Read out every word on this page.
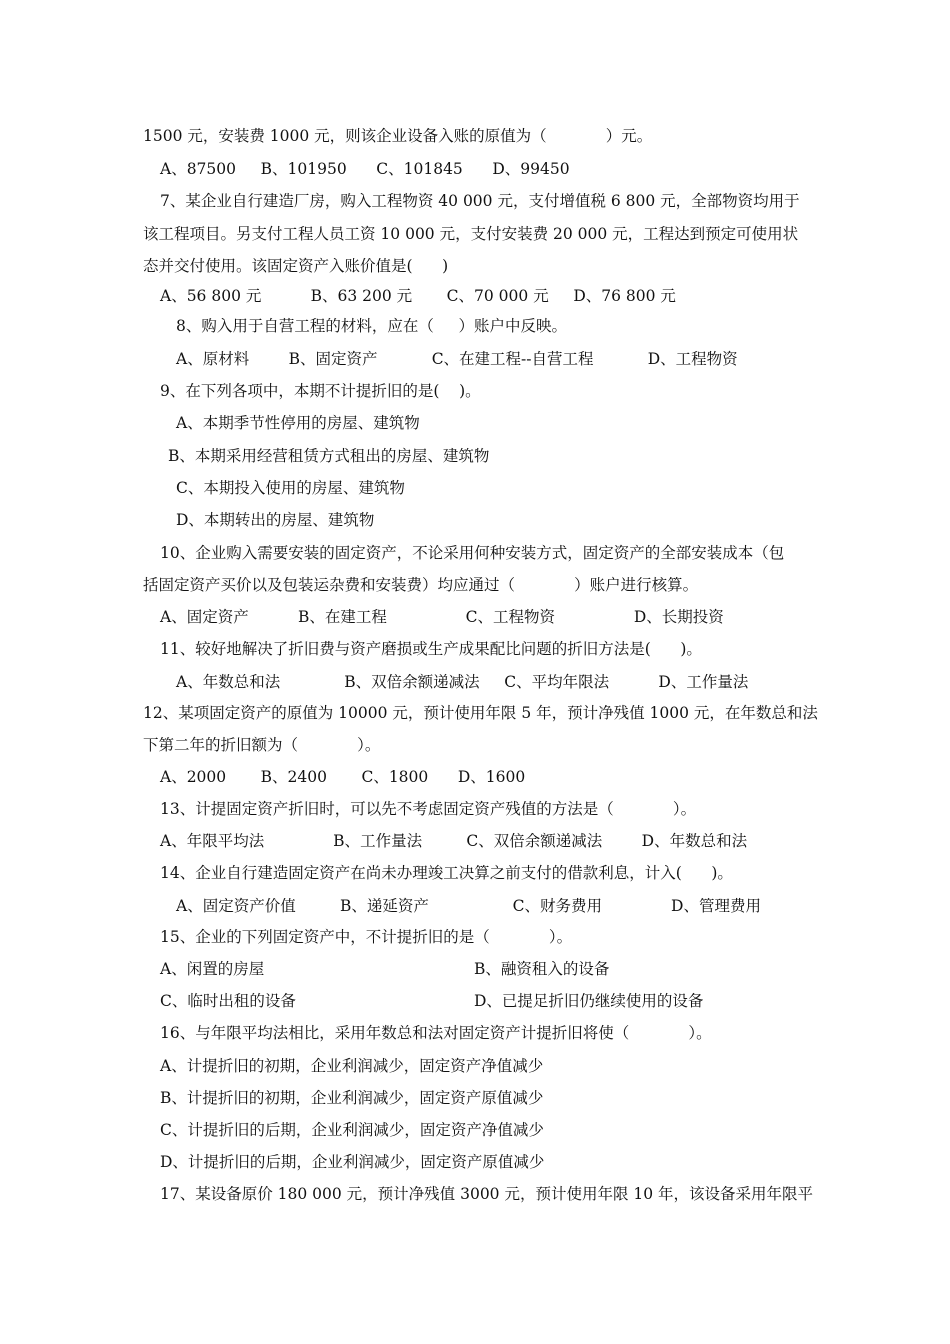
1500 元，安装费 1000 元，则该企业设备入账的原值为（            ）元。
A、87500     B、101950      C、101845      D、99450
7、某企业自行建造厂房，购入工程物资 40 000 元，支付增值税 6 800 元，全部物资均用于
该工程项目。另支付工程人员工资 10 000 元，支付安装费 20 000 元，工程达到预定可使用状
态并交付使用。该固定资产入账价值是(      )
A、56 800 元          B、63 200 元       C、70 000 元     D、76 800 元
8、购入用于自营工程的材料，应在（     ）账户中反映。
A、原材料        B、固定资产           C、在建工程--自营工程           D、工程物资
9、在下列各项中，本期不计提折旧的是(    )。
A、本期季节性停用的房屋、建筑物
B、本期采用经营租赁方式租出的房屋、建筑物
C、本期投入使用的房屋、建筑物
D、本期转出的房屋、建筑物
10、企业购入需要安装的固定资产，不论采用何种安装方式，固定资产的全部安装成本（包
括固定资产买价以及包装运杂费和安装费）均应通过（            ）账户进行核算。
A、固定资产          B、在建工程                C、工程物资                D、长期投资
11、较好地解决了折旧费与资产磨损或生产成果配比问题的折旧方法是(      )。
A、年数总和法             B、双倍余额递减法     C、平均年限法          D、工作量法
12、某项固定资产的原值为 10000 元，预计使用年限 5 年，预计净残值 1000 元，在年数总和法
下第二年的折旧额为（            ）。
A、2000       B、2400       C、1800      D、1600
13、计提固定资产折旧时，可以先不考虑固定资产残值的方法是（            ）。
A、年限平均法              B、工作量法         C、双倍余额递减法        D、年数总和法
14、企业自行建造固定资产在尚未办理竣工决算之前支付的借款利息，计入(      )。
A、固定资产价值         B、递延资产                 C、财务费用              D、管理费用
15、企业的下列固定资产中，不计提折旧的是（            ）。
A、闲置的房屋	B、融资租入的设备
C、临时出租的设备	D、已提足折旧仍继续使用的设备
16、与年限平均法相比，采用年数总和法对固定资产计提折旧将使（            ）。
A、计提折旧的初期，企业利润减少，固定资产净值减少
B、计提折旧的初期，企业利润减少，固定资产原值减少
C、计提折旧的后期，企业利润减少，固定资产净值减少
D、计提折旧的后期，企业利润减少，固定资产原值减少
17、某设备原价 180 000 元，预计净残值 3000 元，预计使用年限 10 年，该设备采用年限平
